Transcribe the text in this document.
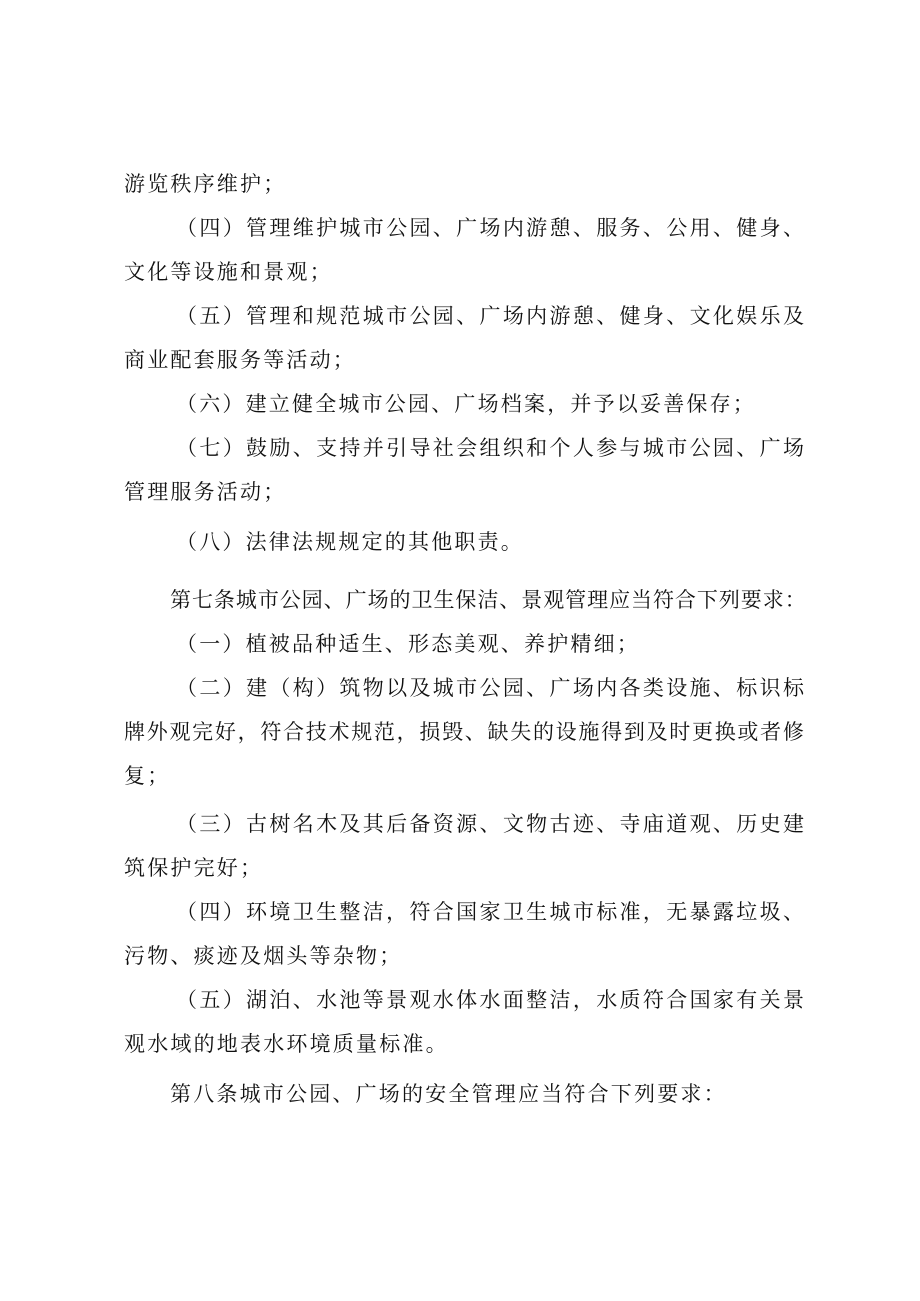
游览秩序维护；
（ 四 ） 管 理 维 护 城 市 公 园 、 广 场 内 游 憩 、 服 务 、 公 用 、 健 身 、
文化等设施和景观；
（ 五 ） 管 理 和 规 范 城 市 公 园 、 广 场 内 游 憩 、 健 身 、 文 化 娱 乐 及
商业配套服务等活动；
（六）建立健全城市公园、广场档案，并予以妥善保存；
（ 七 ） 鼓 励 、 支 持 并 引 导 社 会 组 织 和 个 人 参 与 城 市 公 园 、 广 场
管理服务活动；
（八）法律法规规定的其他职责。
第 七 条 城 市 公 园 、 广 场 的 卫 生 保 洁 、 景 观 管 理 应 当 符 合 下 列 要 求 ：
（一）植被品种适生、形态美观、养护精细；
（ 二 ） 建 （ 构 ） 筑 物 以 及 城 市 公 园 、 广 场 内 各 类 设 施 、 标 识 标
牌 外 观 完 好 ， 符 合 技 术 规 范 ， 损 毁 、 缺 失 的 设 施 得 到 及 时 更 换 或 者 修
复；
（ 三 ） 古 树 名 木 及 其 后 备 资 源 、 文 物 古 迹 、 寺 庙 道 观 、 历 史 建
筑保护完好；
（ 四 ） 环 境 卫 生 整 洁 ， 符 合 国 家 卫 生 城 市 标 准 ， 无 暴 露 垃 圾 、
污物、痰迹及烟头等杂物；
（ 五 ） 湖 泊 、 水 池 等 景 观 水 体 水 面 整 洁 ， 水 质 符 合 国 家 有 关 景
观水域的地表水环境质量标准。
第八条城市公园、广场的安全管理应当符合下列要求：
